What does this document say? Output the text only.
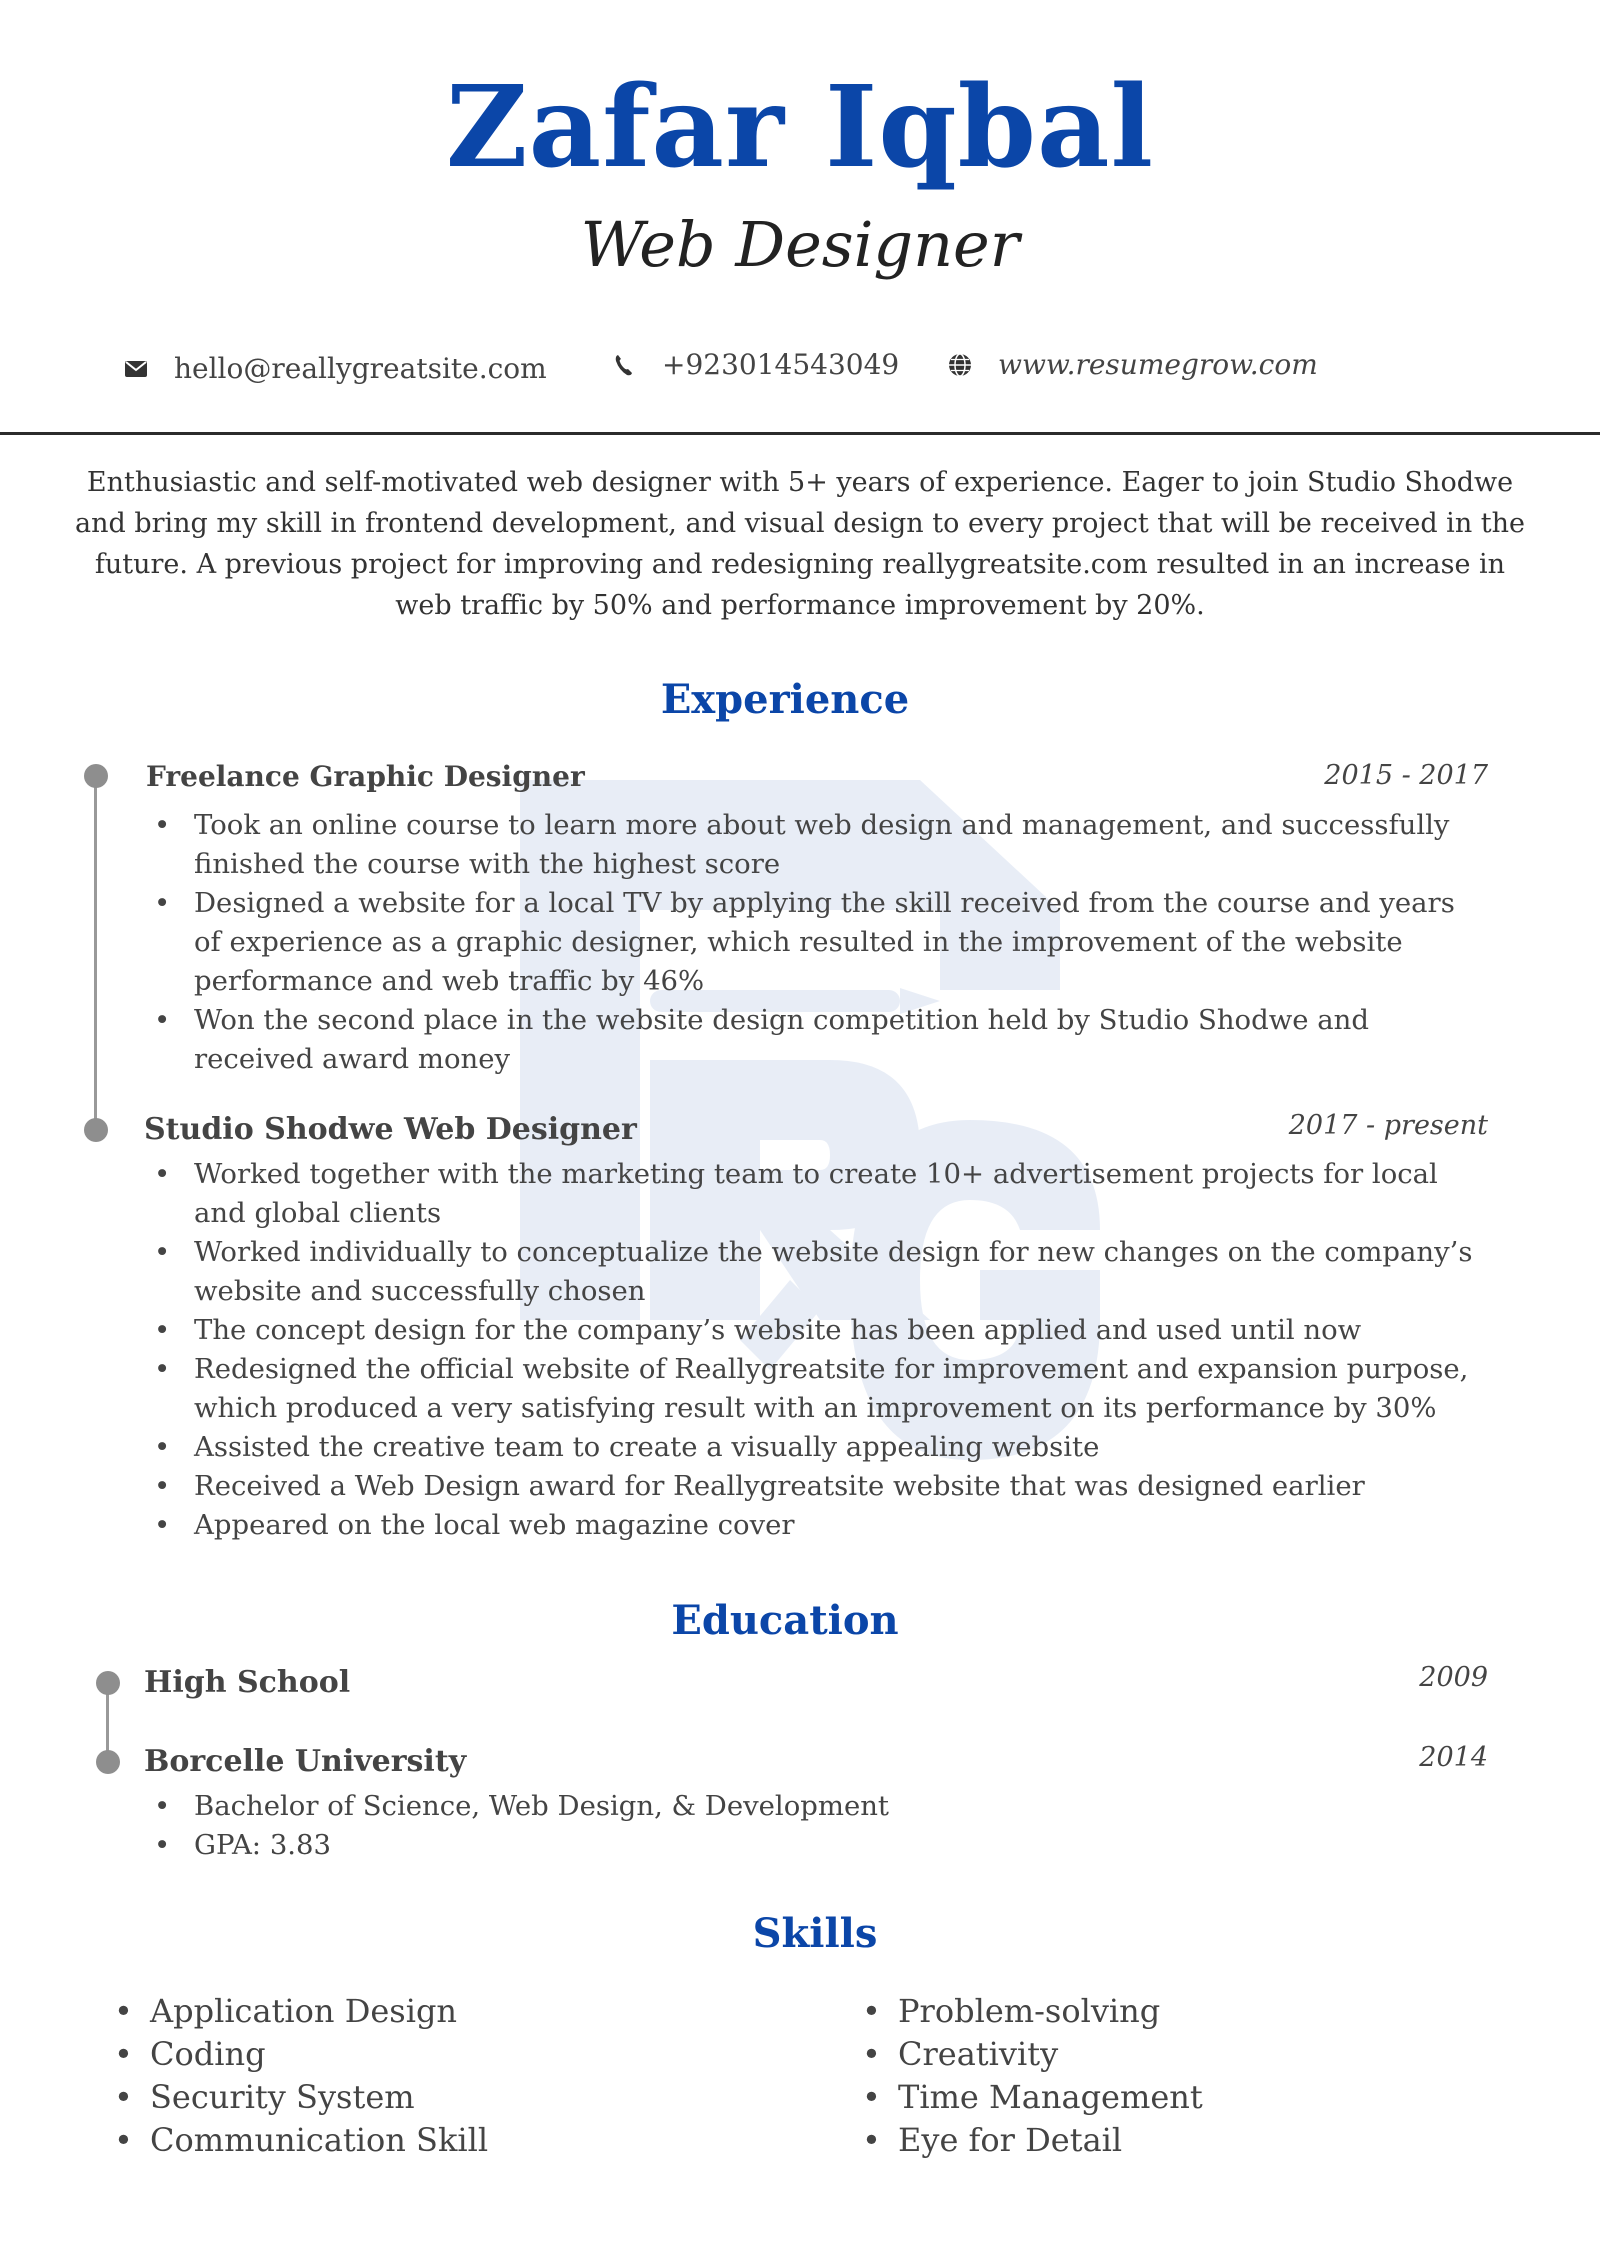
Zafar Iqbal
Web Designer
hello@reallygreatsite.com	+923014543049	www.resumegrow.com
Enthusiastic and self-motivated web designer with 5+ years of experience. Eager to join Studio Shodwe and bring my skill in frontend development, and visual design to every project that will be received in the future. A previous project for improving and redesigning reallygreatsite.com resulted in an increase in web traffic by 50% and performance improvement by 20%.
Experience
Freelance Graphic Designer	2015 - 2017
• Took an online course to learn more about web design and management, and successfully finished the course with the highest score
• Designed a website for a local TV by applying the skill received from the course and years of experience as a graphic designer, which resulted in the improvement of the website performance and web traffic by 46%
• Won the second place in the website design competition held by Studio Shodwe and received award money
Studio Shodwe Web Designer	2017 - present
• Worked together with the marketing team to create 10+ advertisement projects for local and global clients
• Worked individually to conceptualize the website design for new changes on the company’s website and successfully chosen
• The concept design for the company’s website has been applied and used until now
• Redesigned the official website of Reallygreatsite for improvement and expansion purpose, which produced a very satisfying result with an improvement on its performance by 30%
• Assisted the creative team to create a visually appealing website
• Received a Web Design award for Reallygreatsite website that was designed earlier
• Appeared on the local web magazine cover
Education
High School	2009
Borcelle University	2014
• Bachelor of Science, Web Design, & Development
• GPA: 3.83
Skills
• Application Design
• Coding
• Security System
• Communication Skill
• Problem-solving
• Creativity
• Time Management
• Eye for Detail
